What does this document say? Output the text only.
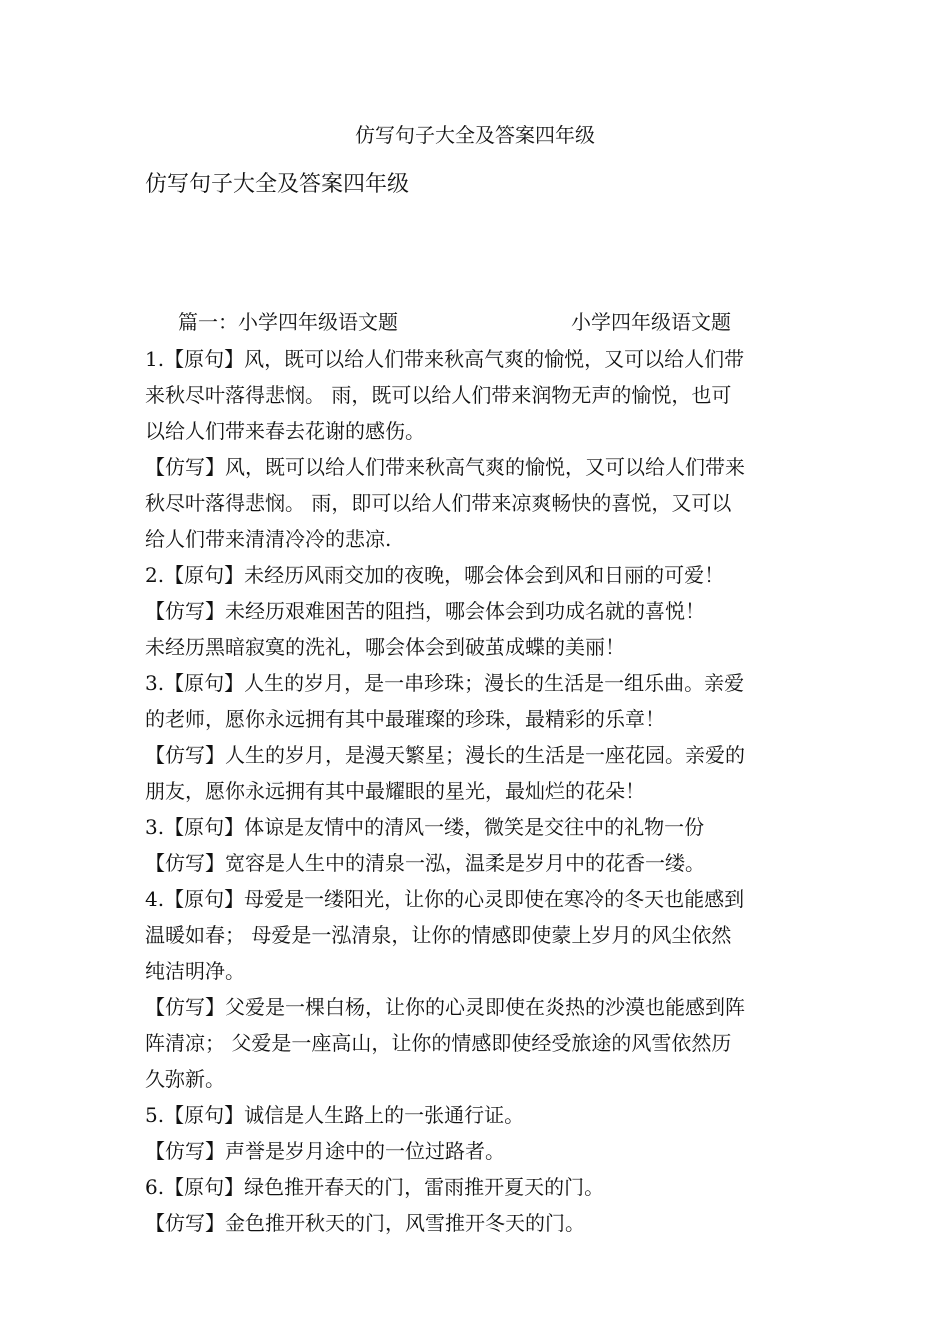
仿写句子大全及答案四年级
仿写句子大全及答案四年级
篇一：小学四年级语文题	小学四年级语文题
1.【原句】风，既可以给人们带来秋高气爽的愉悦，又可以给人们带
来秋尽叶落得悲悯。 雨，既可以给人们带来润物无声的愉悦，也可
以给人们带来春去花谢的感伤。
【仿写】风，既可以给人们带来秋高气爽的愉悦，又可以给人们带来
秋尽叶落得悲悯。 雨，即可以给人们带来凉爽畅快的喜悦，又可以
给人们带来清清冷冷的悲凉.
2.【原句】未经历风雨交加的夜晚，哪会体会到风和日丽的可爱！
【仿写】未经历艰难困苦的阻挡，哪会体会到功成名就的喜悦！
未经历黑暗寂寞的洗礼，哪会体会到破茧成蝶的美丽！
3.【原句】人生的岁月，是一串珍珠；漫长的生活是一组乐曲。亲爱
的老师，愿你永远拥有其中最璀璨的珍珠，最精彩的乐章！
【仿写】人生的岁月，是漫天繁星；漫长的生活是一座花园。亲爱的
朋友，愿你永远拥有其中最耀眼的星光，最灿烂的花朵！
3.【原句】体谅是友情中的清风一缕，微笑是交往中的礼物一份
【仿写】宽容是人生中的清泉一泓，温柔是岁月中的花香一缕。
4.【原句】母爱是一缕阳光，让你的心灵即使在寒冷的冬天也能感到
温暖如春； 母爱是一泓清泉，让你的情感即使蒙上岁月的风尘依然
纯洁明净。
【仿写】父爱是一棵白杨，让你的心灵即使在炎热的沙漠也能感到阵
阵清凉； 父爱是一座高山，让你的情感即使经受旅途的风雪依然历
久弥新。
5.【原句】诚信是人生路上的一张通行证。
【仿写】声誉是岁月途中的一位过路者。
6.【原句】绿色推开春天的门，雷雨推开夏天的门。
【仿写】金色推开秋天的门，风雪推开冬天的门。
